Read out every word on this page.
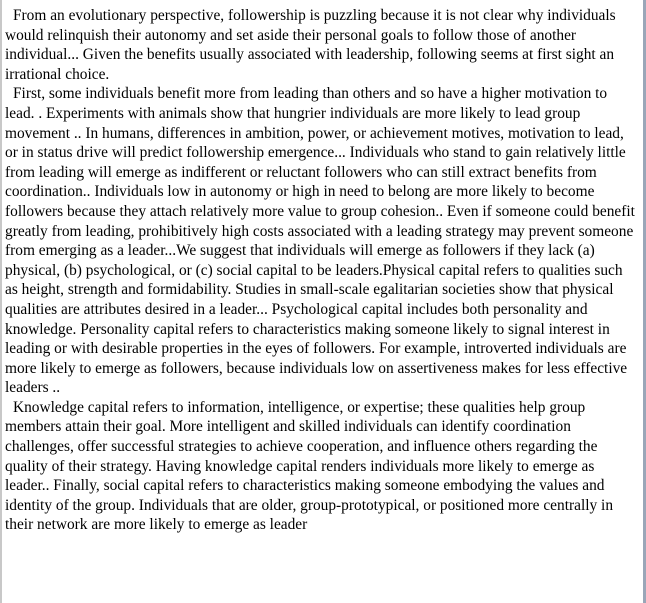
From an evolutionary perspective, followership is puzzling because it is not clear why individuals would relinquish their autonomy and set aside their personal goals to follow those of another individual... Given the benefits usually associated with leadership, following seems at first sight an irrational choice.

First, some individuals benefit more from leading than others and so have a higher motivation to lead. . Experiments with animals show that hungrier individuals are more likely to lead group movement .. In humans, differences in ambition, power, or achievement motives, motivation to lead, or in status drive will predict followership emergence... Individuals who stand to gain relatively little from leading will emerge as indifferent or reluctant followers who can still extract benefits from coordination.. Individuals low in autonomy or high in need to belong are more likely to become followers because they attach relatively more value to group cohesion.. Even if someone could benefit greatly from leading, prohibitively high costs associated with a leading strategy may prevent someone from emerging as a leader...We suggest that individuals will emerge as followers if they lack (a) physical, (b) psychological, or (c) social capital to be leaders.Physical capital refers to qualities such as height, strength and formidability. Studies in small-scale egalitarian societies show that physical qualities are attributes desired in a leader... Psychological capital includes both personality and knowledge. Personality capital refers to characteristics making someone likely to signal interest in leading or with desirable properties in the eyes of followers. For example, introverted individuals are more likely to emerge as followers, because individuals low on assertiveness makes for less effective leaders ..

Knowledge capital refers to information, intelligence, or expertise; these qualities help group members attain their goal. More intelligent and skilled individuals can identify coordination challenges, offer successful strategies to achieve cooperation, and influence others regarding the quality of their strategy. Having knowledge capital renders individuals more likely to emerge as leader.. Finally, social capital refers to characteristics making someone embodying the values and identity of the group. Individuals that are older, group-prototypical, or positioned more centrally in their network are more likely to emerge as leader
